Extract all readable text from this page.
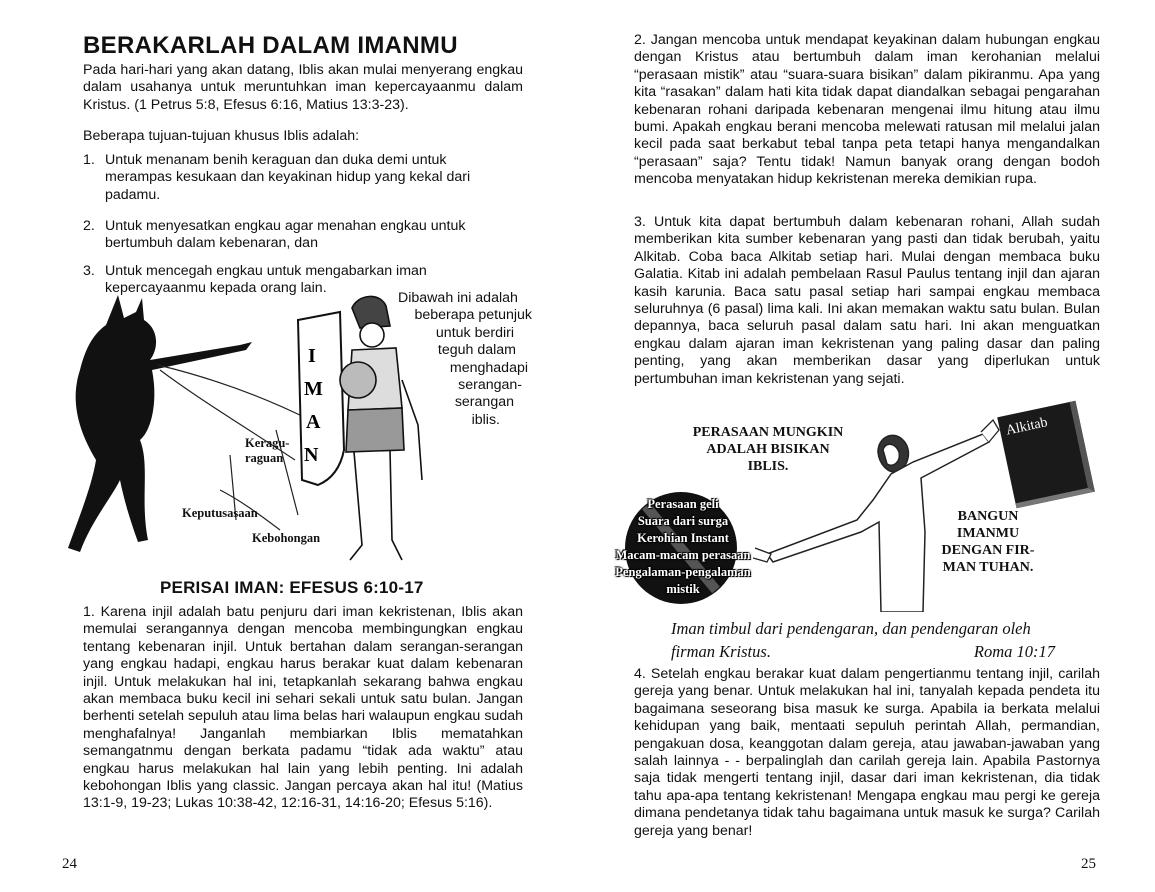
BERAKARLAH DALAM IMANMU

Pada hari-hari yang akan datang, Iblis akan mulai menyerang engkau dalam usahanya untuk meruntuhkan iman kepercayaanmu dalam Kristus. (1 Petrus 5:8, Efesus 6:16, Matius 13:3-23).

Beberapa tujuan-tujuan khusus Iblis adalah:

1. Untuk menanam benih keraguan dan duka demi untuk
merampas kesukaan dan keyakinan hidup yang kekal dari padamu.
2. Untuk menyesatkan engkau agar menahan engkau untuk
bertumbuh dalam kebenaran, dan
3. Untuk mencegah engkau untuk mengabarkan iman
kepercayaanmu kepada orang lain.
I
M
A
N
Dibawah ini adalah
beberapa petunjuk
untuk berdiri
teguh dalam
menghadapi
serangan-
serangan
iblis.
Keragu-
raguan
Keputusasaan
Kebohongan
PERISAI IMAN: EFESUS 6:10-17

1. Karena injil adalah batu penjuru dari iman kekristenan, Iblis akan memulai serangannya dengan mencoba membingungkan engkau tentang kebenaran injil. Untuk bertahan dalam serangan-serangan yang engkau hadapi, engkau harus berakar kuat dalam kebenaran injil. Untuk melakukan hal ini, tetapkanlah sekarang bahwa engkau akan membaca buku kecil ini sehari sekali untuk satu bulan. Jangan berhenti setelah sepuluh atau lima belas hari walaupun engkau sudah menghafalnya! Janganlah membiarkan Iblis mematahkan semangatnmu dengan berkata padamu “tidak ada waktu” atau engkau harus melakukan hal lain yang lebih penting. Ini adalah kebohongan Iblis yang classic. Jangan percaya akan hal itu! (Matius 13:1-9, 19-23; Lukas 10:38-42, 12:16-31, 14:16-20; Efesus 5:16).

24

2. Jangan mencoba untuk mendapat keyakinan dalam hubungan engkau dengan Kristus atau bertumbuh dalam iman kerohanian melalui “perasaan mistik” atau “suara-suara bisikan” dalam pikiranmu. Apa yang kita “rasakan” dalam hati kita tidak dapat diandalkan sebagai pengarahan kebenaran rohani daripada kebenaran mengenai ilmu hitung atau ilmu bumi. Apakah engkau berani mencoba melewati ratusan mil melalui jalan kecil pada saat berkabut tebal tanpa peta tetapi hanya mengandalkan “perasaan” saja? Tentu tidak! Namun banyak orang dengan bodoh mencoba menyatakan hidup kekristenan mereka demikian rupa.

3. Untuk kita dapat bertumbuh dalam kebenaran rohani, Allah sudah memberikan kita sumber kebenaran yang pasti dan tidak berubah, yaitu Alkitab. Coba baca Alkitab setiap hari. Mulai dengan membaca buku Galatia. Kitab ini adalah pembelaan Rasul Paulus tentang injil dan ajaran kasih karunia. Baca satu pasal setiap hari sampai engkau membaca seluruhnya (6 pasal) lima kali. Ini akan memakan waktu satu bulan. Bulan depannya, baca seluruh pasal dalam satu hari. Ini akan menguatkan engkau dalam ajaran iman kekristenan yang paling dasar dan paling penting, yang akan memberikan dasar yang diperlukan untuk pertumbuhan iman kekristenan yang sejati.

PERASAAN MUNGKIN
ADALAH BISIKAN
IBLIS.
Perasaan geli
Suara dari surga
Kerohian Instant
Macam-macam perasaan
Pengalaman-pengalaman
mistik
Alkitab
BANGUN
IMANMU
DENGAN FIR-
MAN TUHAN.
Iman timbul dari pendengaran, dan pendengaran oleh
firman Kristus.	Roma 10:17

4. Setelah engkau berakar kuat dalam pengertianmu tentang injil, carilah gereja yang benar. Untuk melakukan hal ini, tanyalah kepada pendeta itu bagaimana seseorang bisa masuk ke surga. Apabila ia berkata melalui kehidupan yang baik, mentaati sepuluh perintah Allah, permandian, pengakuan dosa, keanggotan dalam gereja, atau jawaban-jawaban yang salah lainnya - - berpalinglah dan carilah gereja lain. Apabila Pastornya saja tidak mengerti tentang injil, dasar dari iman kekristenan, dia tidak tahu apa-apa tentang kekristenan! Mengapa engkau mau pergi ke gereja dimana pendetanya tidak tahu bagaimana untuk masuk ke surga? Carilah gereja yang benar!

25
